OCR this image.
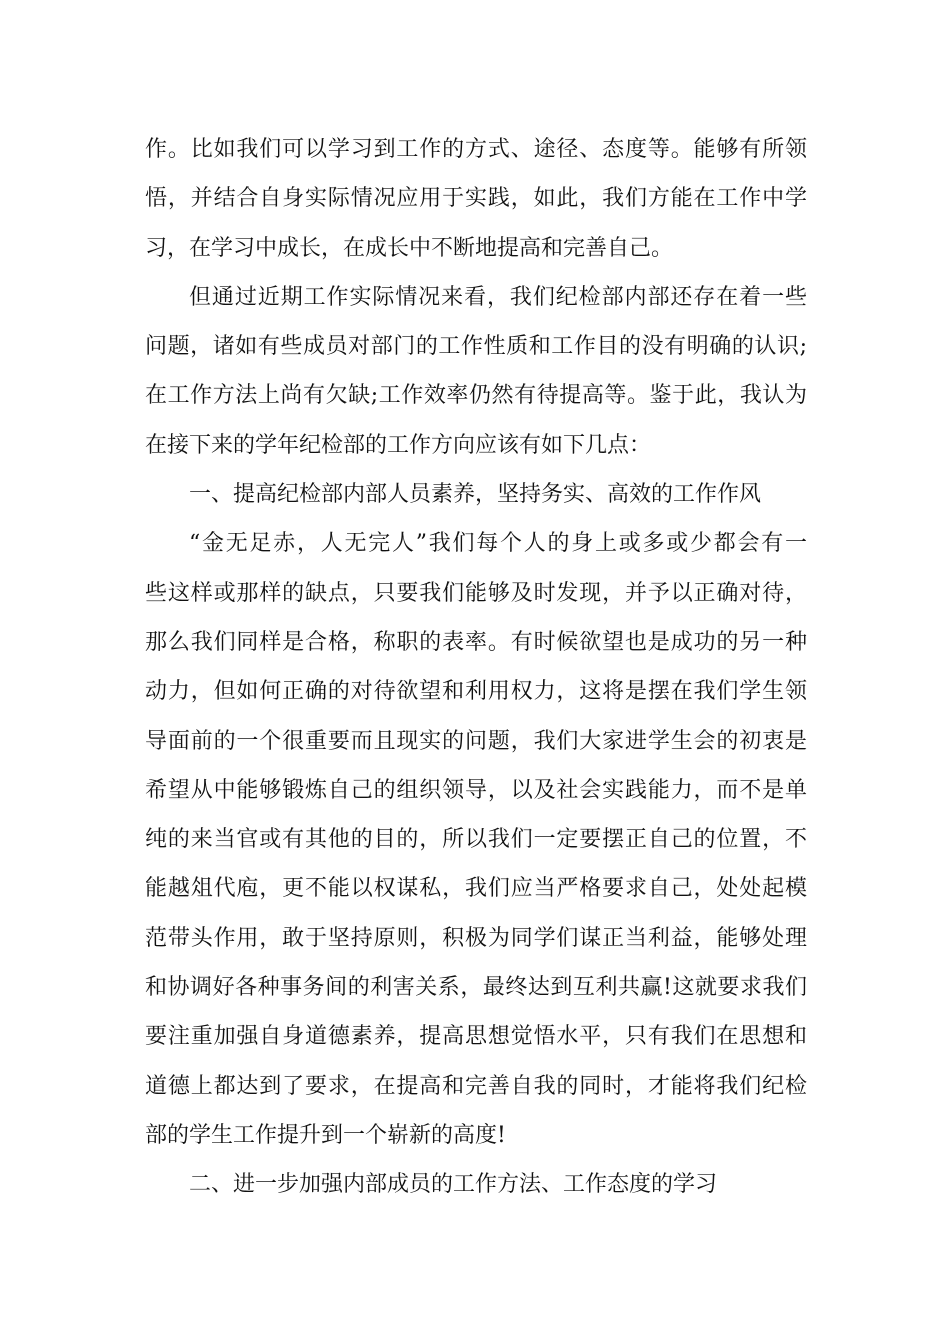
作。比如我们可以学习到工作的方式、途径、态度等。能够有所领
悟，并结合自身实际情况应用于实践，如此，我们方能在工作中学
习，在学习中成长，在成长中不断地提高和完善自己。
但通过近期工作实际情况来看，我们纪检部内部还存在着一些
问题，诸如有些成员对部门的工作性质和工作目的没有明确的认识;
在工作方法上尚有欠缺;工作效率仍然有待提高等。鉴于此，我认为
在接下来的学年纪检部的工作方向应该有如下几点：
一、提高纪检部内部人员素养，坚持务实、高效的工作作风
“金无足赤，人无完人”我们每个人的身上或多或少都会有一
些这样或那样的缺点，只要我们能够及时发现，并予以正确对待，
那么我们同样是合格，称职的表率。有时候欲望也是成功的另一种
动力，但如何正确的对待欲望和利用权力，这将是摆在我们学生领
导面前的一个很重要而且现实的问题，我们大家进学生会的初衷是
希望从中能够锻炼自己的组织领导，以及社会实践能力，而不是单
纯的来当官或有其他的目的，所以我们一定要摆正自己的位置，不
能越俎代庖，更不能以权谋私，我们应当严格要求自己，处处起模
范带头作用，敢于坚持原则，积极为同学们谋正当利益，能够处理
和协调好各种事务间的利害关系，最终达到互利共赢!这就要求我们
要注重加强自身道德素养，提高思想觉悟水平，只有我们在思想和
道德上都达到了要求，在提高和完善自我的同时，才能将我们纪检
部的学生工作提升到一个崭新的高度!
二、进一步加强内部成员的工作方法、工作态度的学习
